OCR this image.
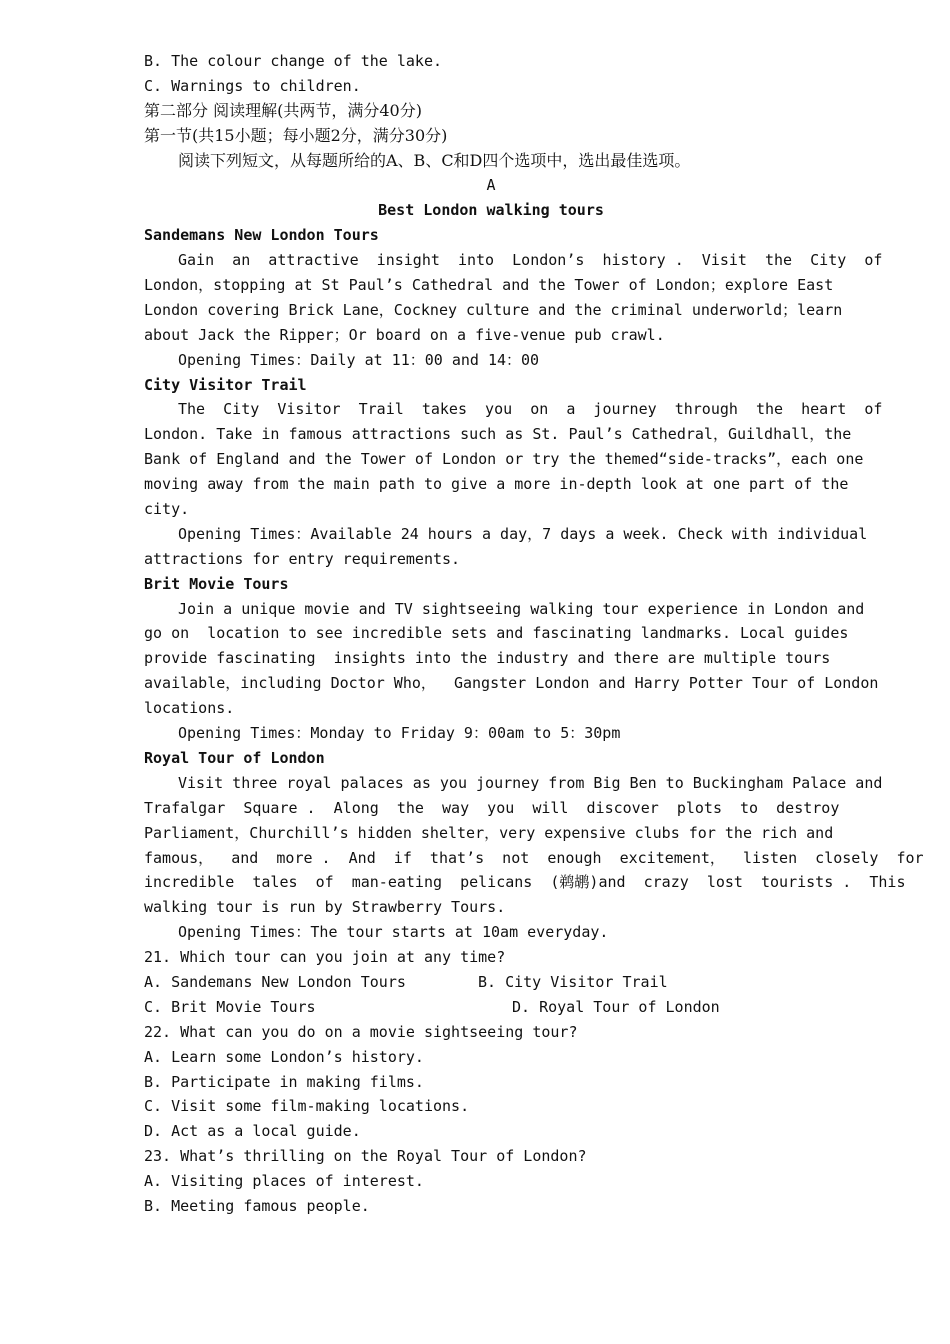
B. The colour change of the lake.
C. Warnings to children.
第二部分 阅读理解(共两节，满分40分)
第一节(共15小题；每小题2分，满分30分)
阅读下列短文，从每题所给的A、B、C和D四个选项中，选出最佳选项。
A
Best London walking tours
Sandemans New London Tours
Gain  an  attractive  insight  into  London’s  history .  Visit  the  City  of
London，stopping at St Paul’s Cathedral and the Tower of London；explore East
London covering Brick Lane，Cockney culture and the criminal underworld；learn
about Jack the Ripper；Or board on a five-venue pub crawl.
Opening Times：Daily at 11：00 and 14：00
City Visitor Trail
The  City  Visitor  Trail  takes  you  on  a  journey  through  the  heart  of
London. Take in famous attractions such as St. Paul’s Cathedral，Guildhall，the
Bank of England and the Tower of London or try the themed“side-tracks”，each one
moving away from the main path to give a more in-depth look at one part of the
city.
Opening Times：Available 24 hours a day，7 days a week. Check with individual
attractions for entry requirements.
Brit Movie Tours
Join a unique movie and TV sightseeing walking tour experience in London and
go on  location to see incredible sets and fascinating landmarks. Local guides
provide fascinating  insights into the industry and there are multiple tours
available，including Doctor Who，  Gangster London and Harry Potter Tour of London
locations.
Opening Times：Monday to Friday 9：00am to 5：30pm
Royal Tour of London
Visit three royal palaces as you journey from Big Ben to Buckingham Palace and
Trafalgar  Square .  Along  the  way  you  will  discover  plots  to  destroy
Parliament，Churchill’s hidden shelter，very expensive clubs for the rich and
famous，  and  more .  And  if  that’s  not  enough  excitement，  listen  closely  for
incredible  tales  of  man-eating  pelicans  (鹈鹕)and  crazy  lost  tourists .  This
walking tour is run by Strawberry Tours.
Opening Times：The tour starts at 10am everyday.
21. Which tour can you join at any time?
A. Sandemans New London Tours	B. City Visitor Trail
C. Brit Movie Tours	D. Royal Tour of London
22. What can you do on a movie sightseeing tour?
A. Learn some London’s history.
B. Participate in making films.
C. Visit some film-making locations.
D. Act as a local guide.
23. What’s thrilling on the Royal Tour of London?
A. Visiting places of interest.
B. Meeting famous people.
